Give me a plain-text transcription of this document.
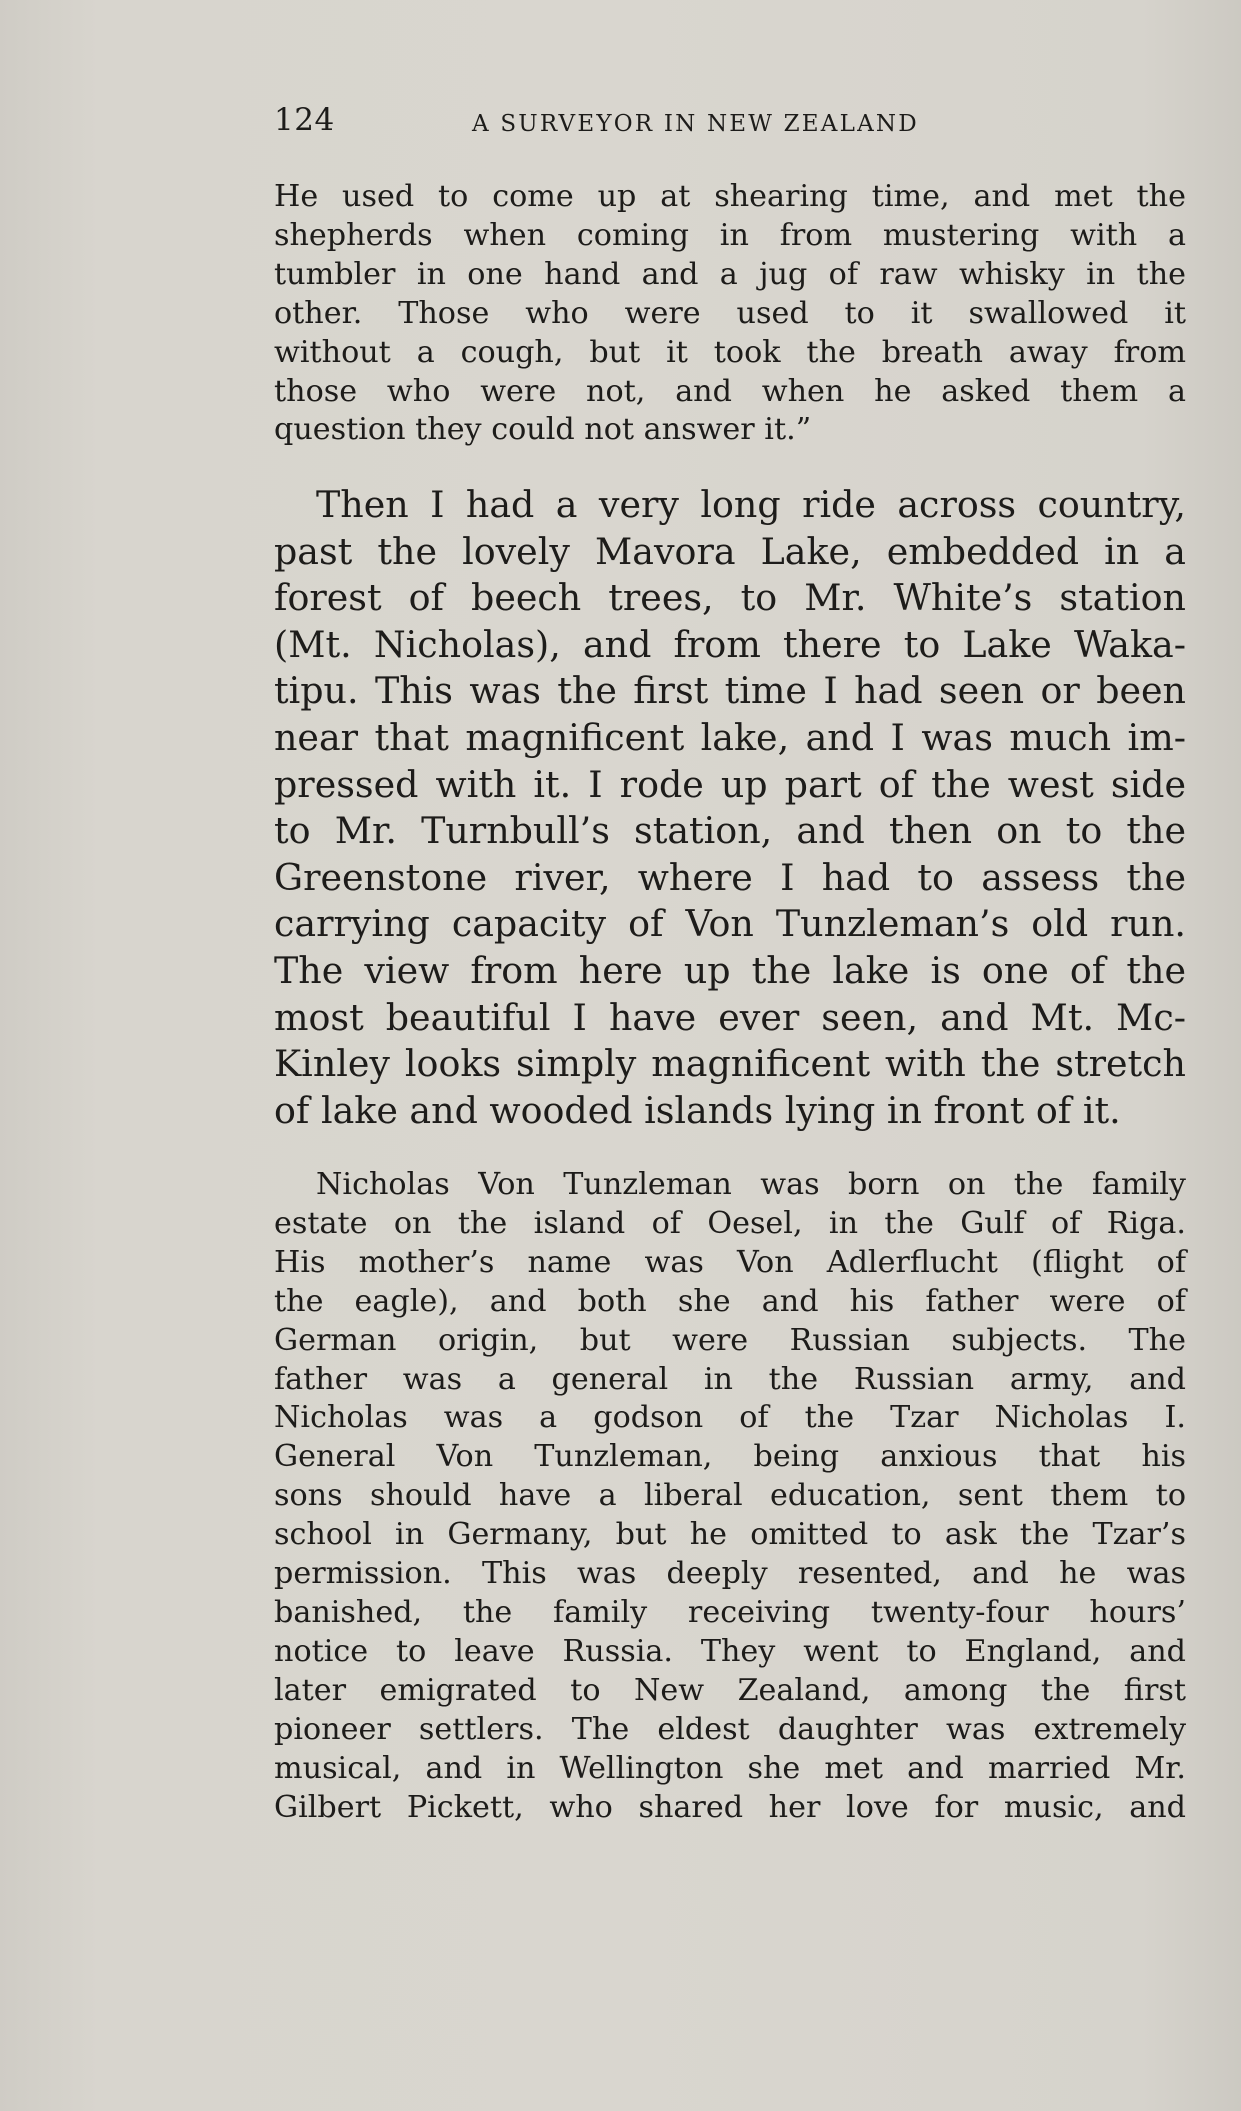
124	A SURVEYOR IN NEW ZEALAND
He used to come up at shearing time, and met the
shepherds when coming in from mustering with a
tumbler in one hand and a jug of raw whisky in the
other. Those who were used to it swallowed it
without a cough, but it took the breath away from
those who were not, and when he asked them a
question they could not answer it.”
Then I had a very long ride across country,
past the lovely Mavora Lake, embedded in a
forest of beech trees, to Mr. White’s station
(Mt. Nicholas), and from there to Lake Waka-
tipu. This was the first time I had seen or been
near that magnificent lake, and I was much im-
pressed with it. I rode up part of the west side
to Mr. Turnbull’s station, and then on to the
Greenstone river, where I had to assess the
carrying capacity of Von Tunzleman’s old run.
The view from here up the lake is one of the
most beautiful I have ever seen, and Mt. Mc-
Kinley looks simply magnificent with the stretch
of lake and wooded islands lying in front of it.
Nicholas Von Tunzleman was born on the family
estate on the island of Oesel, in the Gulf of Riga.
His mother’s name was Von Adlerflucht (flight of
the eagle), and both she and his father were of
German origin, but were Russian subjects. The
father was a general in the Russian army, and
Nicholas was a godson of the Tzar Nicholas I.
General Von Tunzleman, being anxious that his
sons should have a liberal education, sent them to
school in Germany, but he omitted to ask the Tzar’s
permission. This was deeply resented, and he was
banished, the family receiving twenty-four hours’
notice to leave Russia. They went to England, and
later emigrated to New Zealand, among the first
pioneer settlers. The eldest daughter was extremely
musical, and in Wellington she met and married Mr.
Gilbert Pickett, who shared her love for music, and
